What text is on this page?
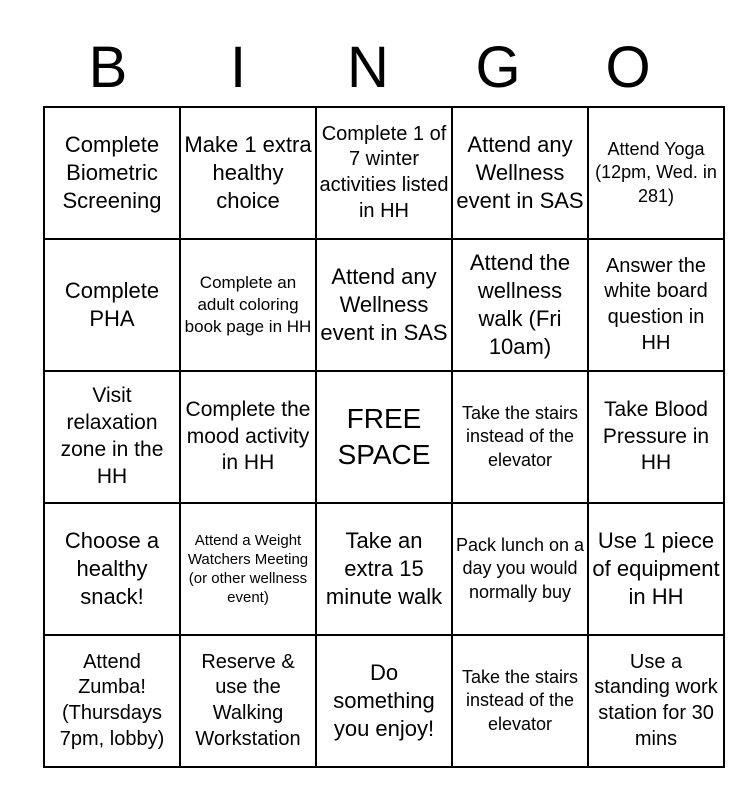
B	I	N	G	O
Complete Biometric Screening	Make 1 extra healthy choice	Complete 1 of 7 winter activities listed in HH	Attend any Wellness event in SAS	Attend Yoga (12pm, Wed. in 281)
Complete PHA	Complete an adult coloring book page in HH	Attend any Wellness event in SAS	Attend the wellness walk (Fri 10am)	Answer the white board question in HH
Visit relaxation zone in the HH	Complete the mood activity in HH	FREE SPACE	Take the stairs instead of the elevator	Take Blood Pressure in HH
Choose a healthy snack!	Attend a Weight Watchers Meeting (or other wellness event)	Take an extra 15 minute walk	Pack lunch on a day you would normally buy	Use 1 piece of equipment in HH
Attend Zumba! (Thursdays 7pm, lobby)	Reserve & use the Walking Workstation	Do something you enjoy!	Take the stairs instead of the elevator	Use a standing work station for 30 mins
